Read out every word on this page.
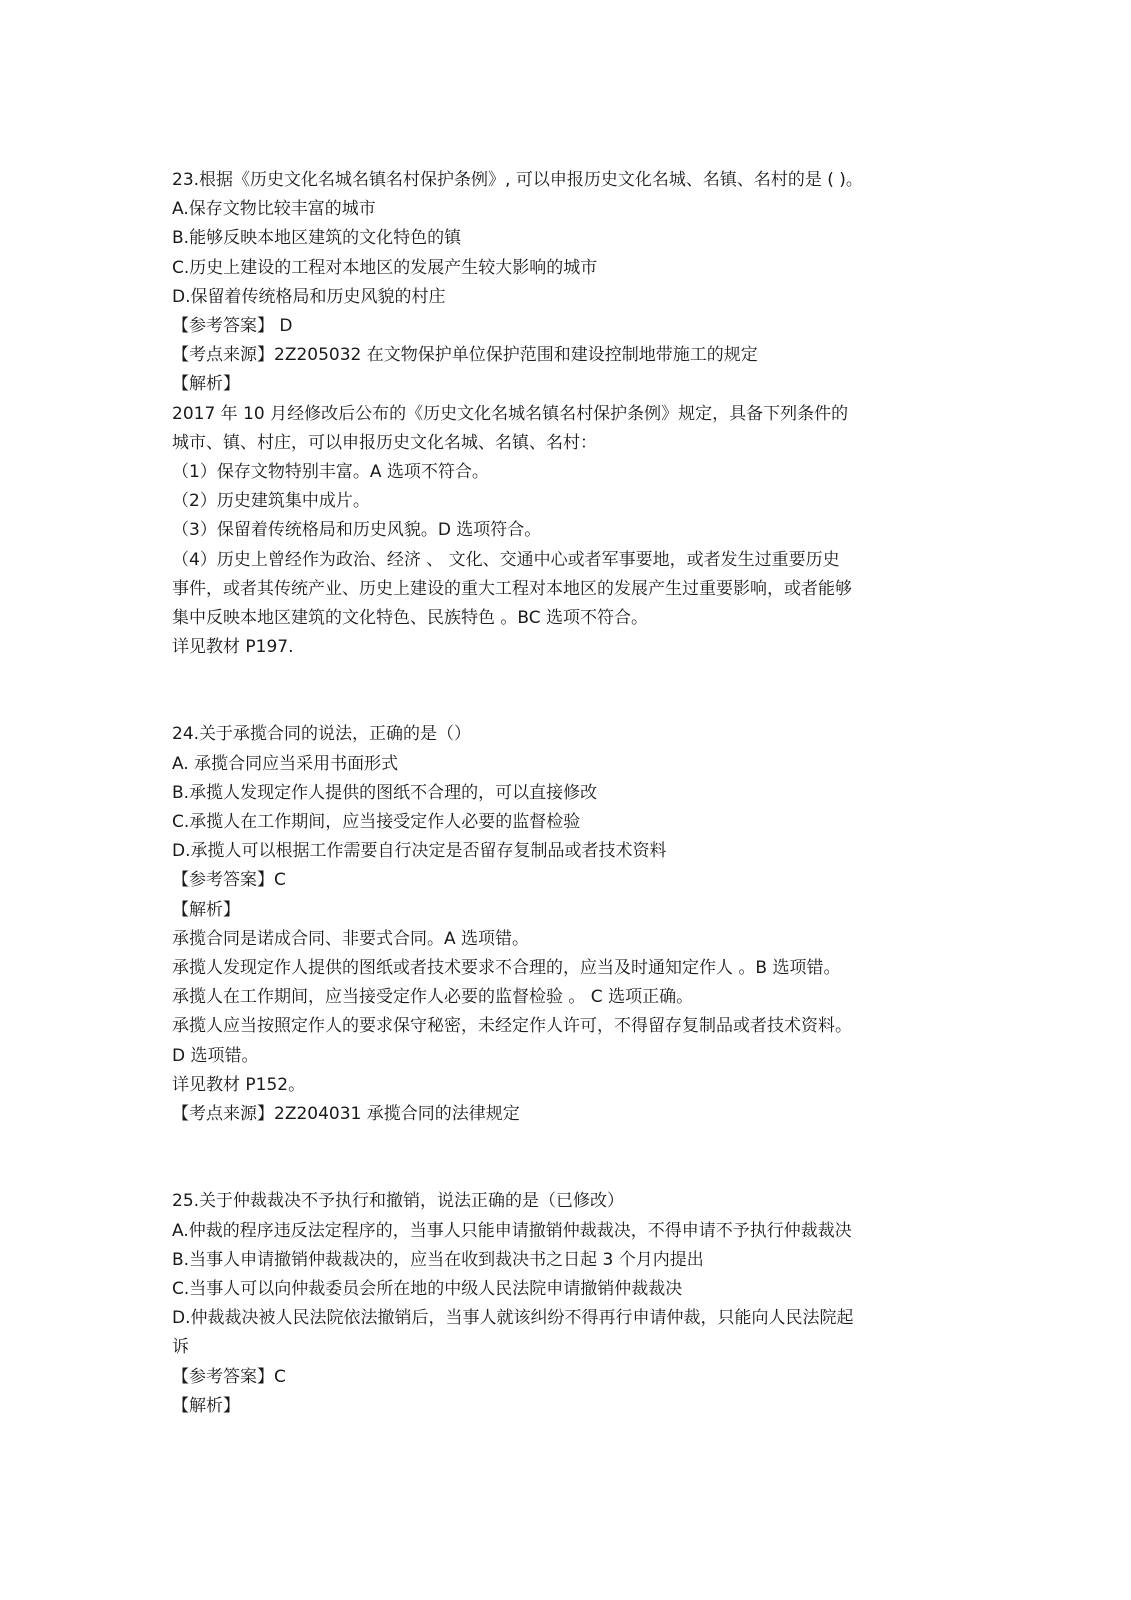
23.根据《历史文化名城名镇名村保护条例》, 可以申报历史文化名城、名镇、名村的是 ( )。
A.保存文物比较丰富的城市
B.能够反映本地区建筑的文化特色的镇
C.历史上建设的工程对本地区的发展产生较大影响的城市
D.保留着传统格局和历史风貌的村庄
【参考答案】 D
【考点来源】2Z205032 在文物保护单位保护范围和建设控制地带施工的规定
【解析】
2017 年 10 月经修改后公布的《历史文化名城名镇名村保护条例》规定，具备下列条件的
城市、镇、村庄，可以申报历史文化名城、名镇、名村：
（1）保存文物特别丰富。A 选项不符合。
（2）历史建筑集中成片。
（3）保留着传统格局和历史风貌。D 选项符合。
（4）历史上曾经作为政治、经济 、 文化、交通中心或者军事要地，或者发生过重要历史
事件，或者其传统产业、历史上建设的重大工程对本地区的发展产生过重要影响，或者能够
集中反映本地区建筑的文化特色、民族特色 。BC 选项不符合。
详见教材 P197.
24.关于承揽合同的说法，正确的是（）
A. 承揽合同应当采用书面形式
B.承揽人发现定作人提供的图纸不合理的，可以直接修改
C.承揽人在工作期间，应当接受定作人必要的监督检验
D.承揽人可以根据工作需要自行决定是否留存复制品或者技术资料
【参考答案】C
【解析】
承揽合同是诺成合同、非要式合同。A 选项错。
承揽人发现定作人提供的图纸或者技术要求不合理的，应当及时通知定作人 。B 选项错。
承揽人在工作期间，应当接受定作人必要的监督检验 。 C 选项正确。
承揽人应当按照定作人的要求保守秘密，未经定作人许可，不得留存复制品或者技术资料。
D 选项错。
详见教材 P152。
【考点来源】2Z204031 承揽合同的法律规定
25.关于仲裁裁决不予执行和撤销，说法正确的是（已修改）
A.仲裁的程序违反法定程序的，当事人只能申请撤销仲裁裁决，不得申请不予执行仲裁裁决
B.当事人申请撤销仲裁裁决的，应当在收到裁决书之日起 3 个月内提出
C.当事人可以向仲裁委员会所在地的中级人民法院申请撤销仲裁裁决
D.仲裁裁决被人民法院依法撤销后，当事人就该纠纷不得再行申请仲裁，只能向人民法院起
诉
【参考答案】C
【解析】
